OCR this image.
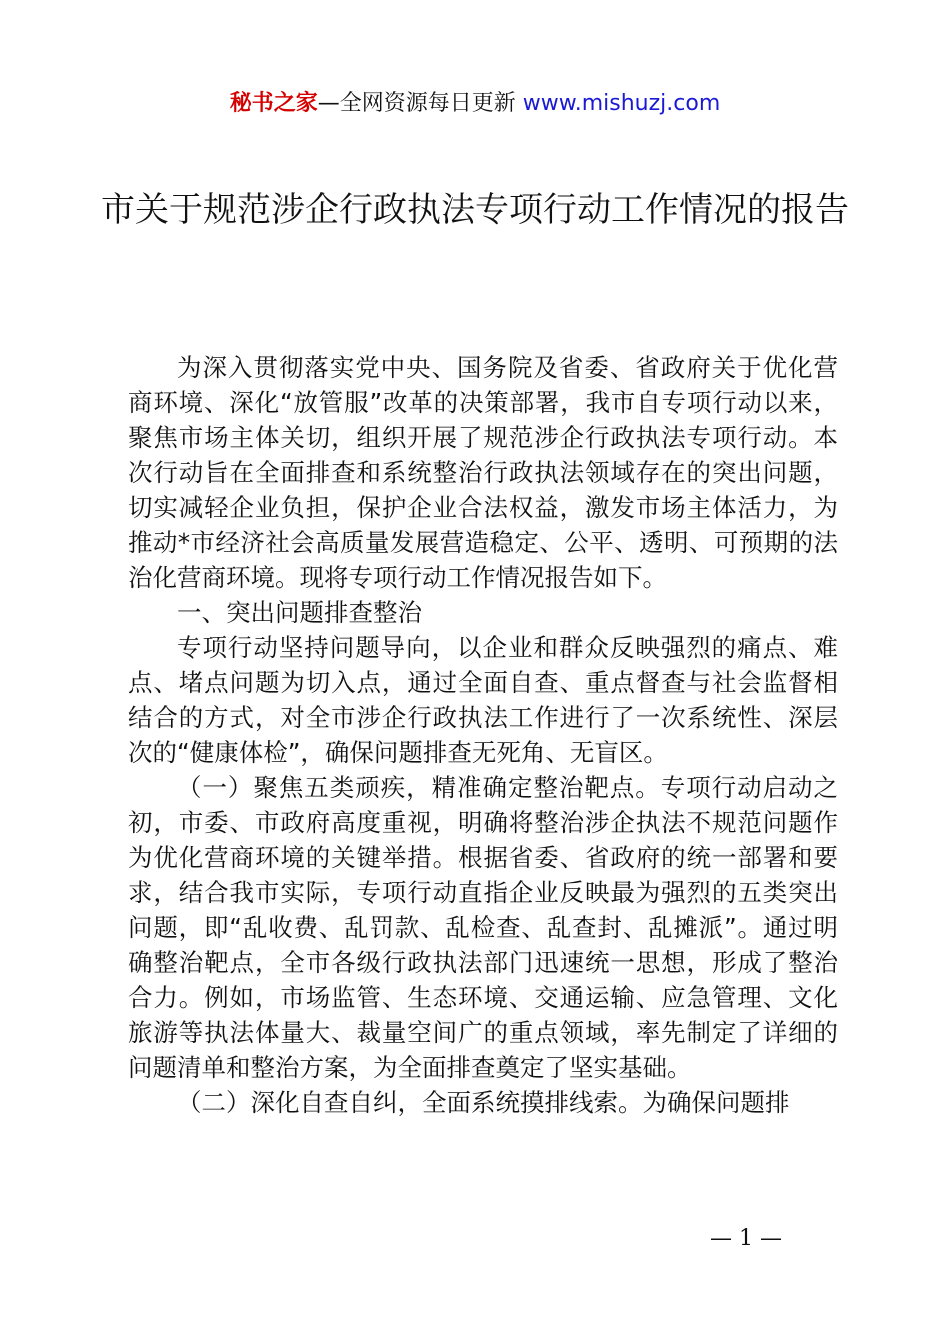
秘书之家—全网资源每日更新 www.mishuzj.com
市关于规范涉企行政执法专项行动工作情况的报告

为深入贯彻落实党中央、国务院及省委、省政府关于优化营商环境、深化“放管服”改革的决策部署，我市自专项行动以来，聚焦市场主体关切，组织开展了规范涉企行政执法专项行动。本次行动旨在全面排查和系统整治行政执法领域存在的突出问题，切实减轻企业负担，保护企业合法权益，激发市场主体活力，为推动*市经济社会高质量发展营造稳定、公平、透明、可预期的法治化营商环境。现将专项行动工作情况报告如下。

一、突出问题排查整治

专项行动坚持问题导向，以企业和群众反映强烈的痛点、难点、堵点问题为切入点，通过全面自查、重点督查与社会监督相结合的方式，对全市涉企行政执法工作进行了一次系统性、深层次的“健康体检”，确保问题排查无死角、无盲区。

（一）聚焦五类顽疾，精准确定整治靶点。专项行动启动之初，市委、市政府高度重视，明确将整治涉企执法不规范问题作为优化营商环境的关键举措。根据省委、省政府的统一部署和要求，结合我市实际，专项行动直指企业反映最为强烈的五类突出问题，即“乱收费、乱罚款、乱检查、乱查封、乱摊派”。通过明确整治靶点，全市各级行政执法部门迅速统一思想，形成了整治合力。例如，市场监管、生态环境、交通运输、应急管理、文化旅游等执法体量大、裁量空间广的重点领域，率先制定了详细的问题清单和整治方案，为全面排查奠定了坚实基础。

（二）深化自查自纠，全面系统摸排线索。为确保问题排

— 1 —
